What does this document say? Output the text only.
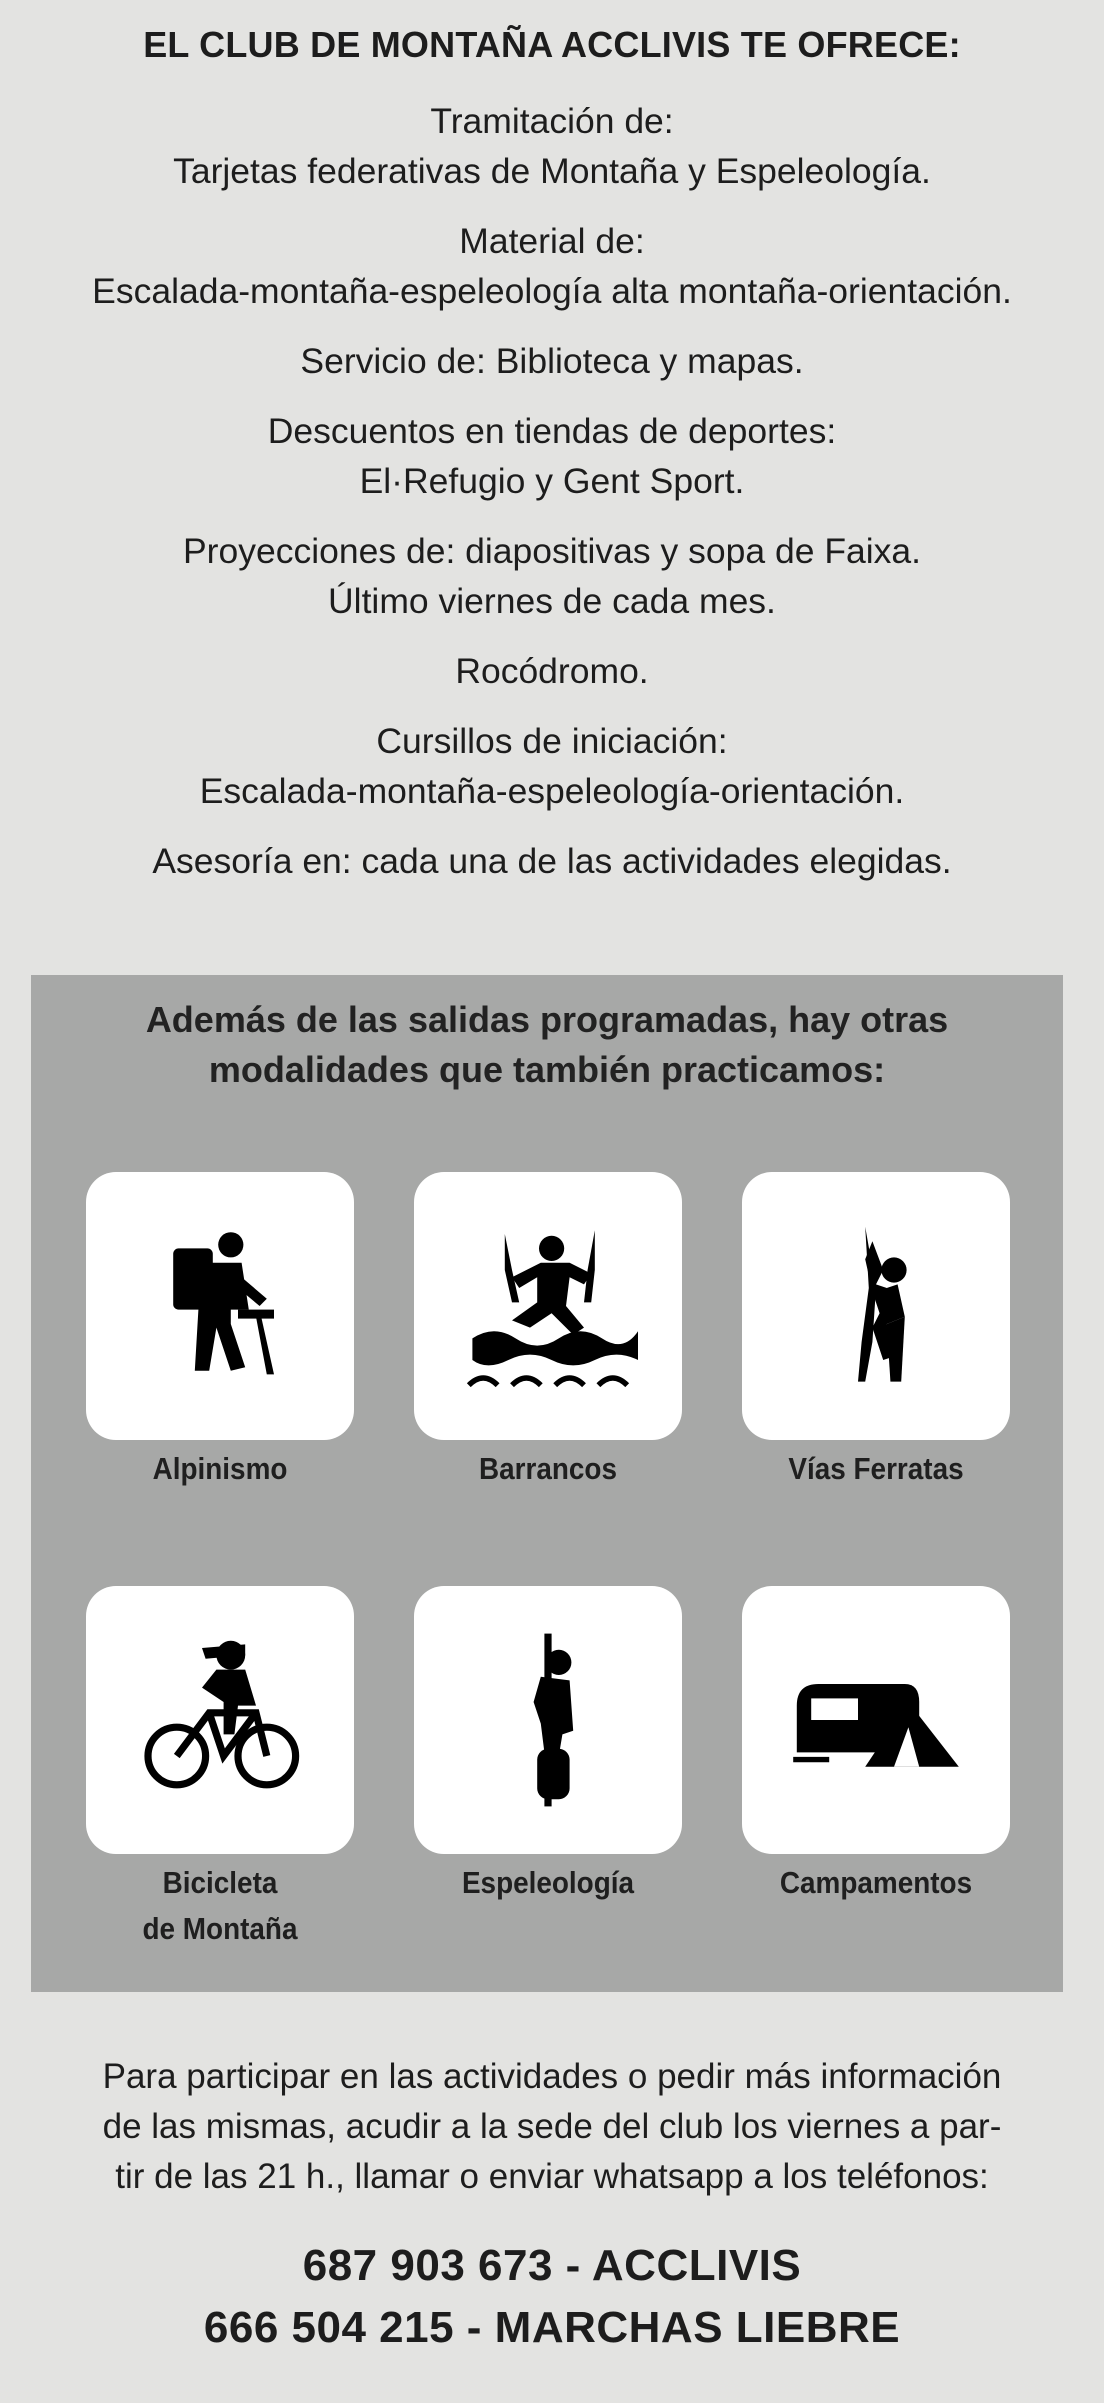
EL CLUB DE MONTAÑA ACCLIVIS TE OFRECE:
Tramitación de:
Tarjetas federativas de Montaña y Espeleología.
Material de:
Escalada-montaña-espeleología alta montaña-orientación.
Servicio de: Biblioteca y mapas.
Descuentos en tiendas de deportes:
El·Refugio y Gent Sport.
Proyecciones de: diapositivas y sopa de Faixa.
Último viernes de cada mes.
Rocódromo.
Cursillos de iniciación:
Escalada-montaña-espeleología-orientación.
Asesoría en: cada una de las actividades elegidas.
Además de las salidas programadas, hay otras
modalidades que también practicamos:
Alpinismo	Barrancos	Vías Ferratas
Bicicleta
de Montaña
Espeleología	Campamentos
Para participar en las actividades o pedir más información
de las mismas, acudir a la sede del club los viernes a par-
tir de las 21 h., llamar o enviar whatsapp a los teléfonos:
687 903 673 - ACCLIVIS
666 504 215 - MARCHAS LIEBRE
